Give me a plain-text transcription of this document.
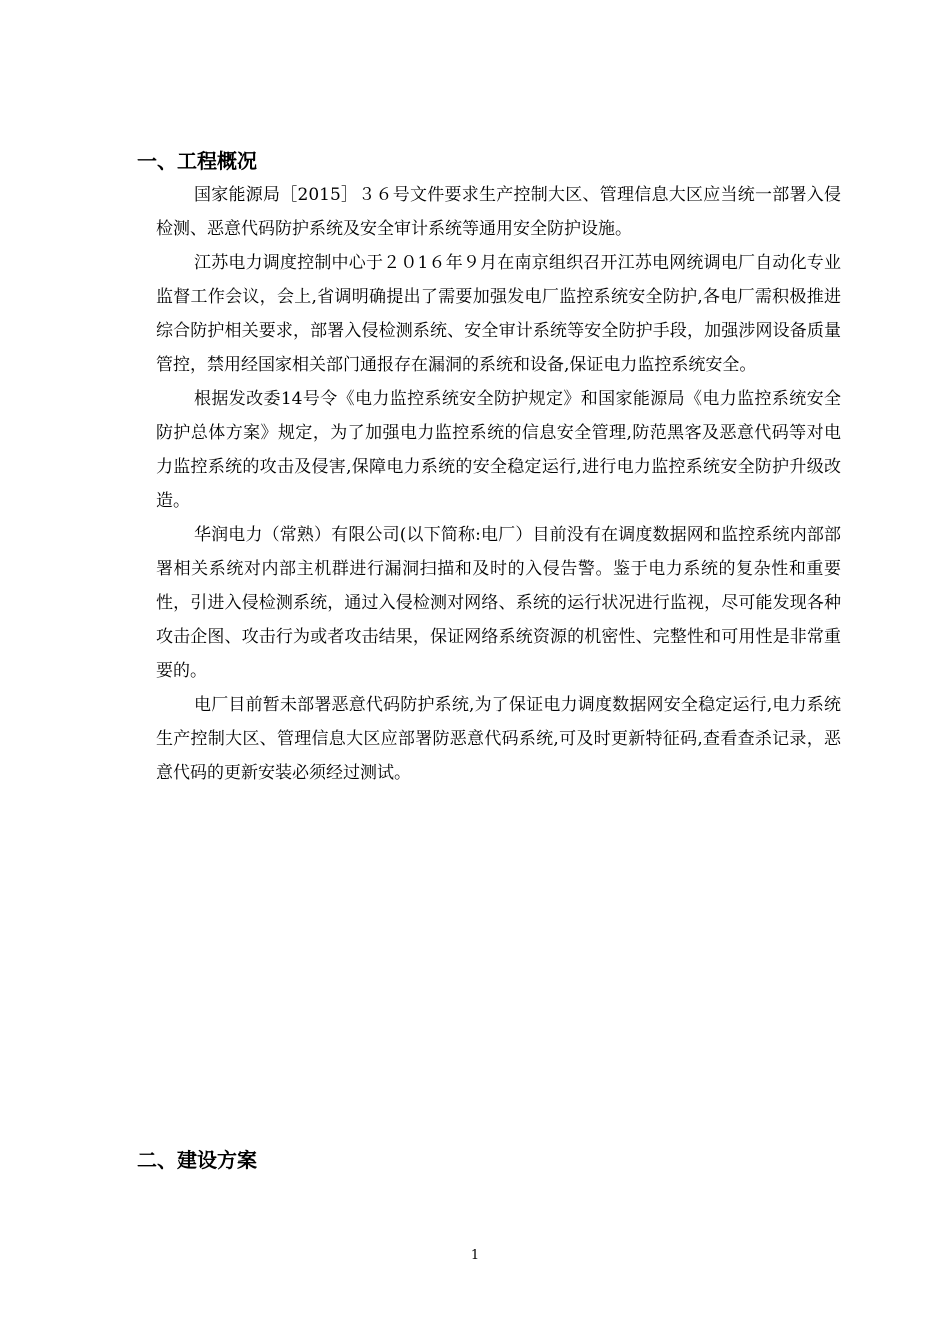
一、工程概况

国家能源局［2015］３６号文件要求生产控制大区、管理信息大区应当统一部署入侵检测、恶意代码防护系统及安全审计系统等通用安全防护设施。

江苏电力调度控制中心于２０1６年９月在南京组织召开江苏电网统调电厂自动化专业监督工作会议，会上,省调明确提出了需要加强发电厂监控系统安全防护,各电厂需积极推进综合防护相关要求，部署入侵检测系统、安全审计系统等安全防护手段，加强涉网设备质量管控，禁用经国家相关部门通报存在漏洞的系统和设备,保证电力监控系统安全。

根据发改委14号令《电力监控系统安全防护规定》和国家能源局《电力监控系统安全防护总体方案》规定，为了加强电力监控系统的信息安全管理,防范黑客及恶意代码等对电力监控系统的攻击及侵害,保障电力系统的安全稳定运行,进行电力监控系统安全防护升级改造。

华润电力（常熟）有限公司(以下简称:电厂）目前没有在调度数据网和监控系统内部部署相关系统对内部主机群进行漏洞扫描和及时的入侵告警。鉴于电力系统的复杂性和重要性，引进入侵检测系统，通过入侵检测对网络、系统的运行状况进行监视，尽可能发现各种攻击企图、攻击行为或者攻击结果，保证网络系统资源的机密性、完整性和可用性是非常重要的。

电厂目前暂未部署恶意代码防护系统,为了保证电力调度数据网安全稳定运行,电力系统生产控制大区、管理信息大区应部署防恶意代码系统,可及时更新特征码,查看查杀记录，恶意代码的更新安装必须经过测试。

二、建设方案

1
